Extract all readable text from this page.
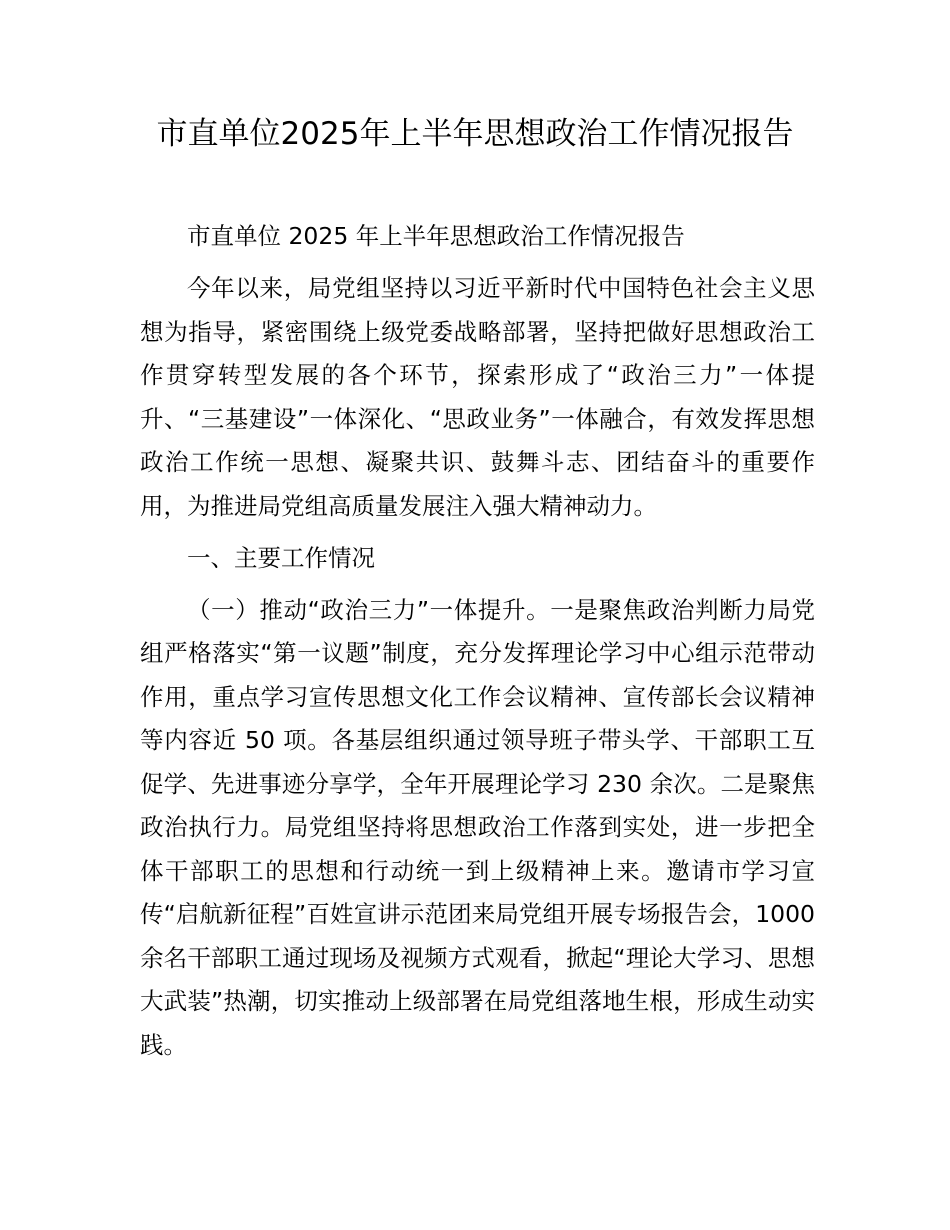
市直单位2025年上半年思想政治工作情况报告

市直单位 2025 年上半年思想政治工作情况报告

今年以来，局党组坚持以习近平新时代中国特色社会主义思想为指导，紧密围绕上级党委战略部署，坚持把做好思想政治工作贯穿转型发展的各个环节，探索形成了“政治三力”一体提升、“三基建设”一体深化、“思政业务”一体融合，有效发挥思想政治工作统一思想、凝聚共识、鼓舞斗志、团结奋斗的重要作用，为推进局党组高质量发展注入强大精神动力。

一、主要工作情况

（一）推动“政治三力”一体提升。一是聚焦政治判断力局党组严格落实“第一议题”制度，充分发挥理论学习中心组示范带动作用，重点学习宣传思想文化工作会议精神、宣传部长会议精神等内容近 50 项。各基层组织通过领导班子带头学、干部职工互促学、先进事迹分享学，全年开展理论学习 230 余次。二是聚焦政治执行力。局党组坚持将思想政治工作落到实处，进一步把全体干部职工的思想和行动统一到上级精神上来。邀请市学习宣传“启航新征程”百姓宣讲示范团来局党组开展专场报告会，1000 余名干部职工通过现场及视频方式观看，掀起“理论大学习、思想大武装”热潮，切实推动上级部署在局党组落地生根，形成生动实践。
